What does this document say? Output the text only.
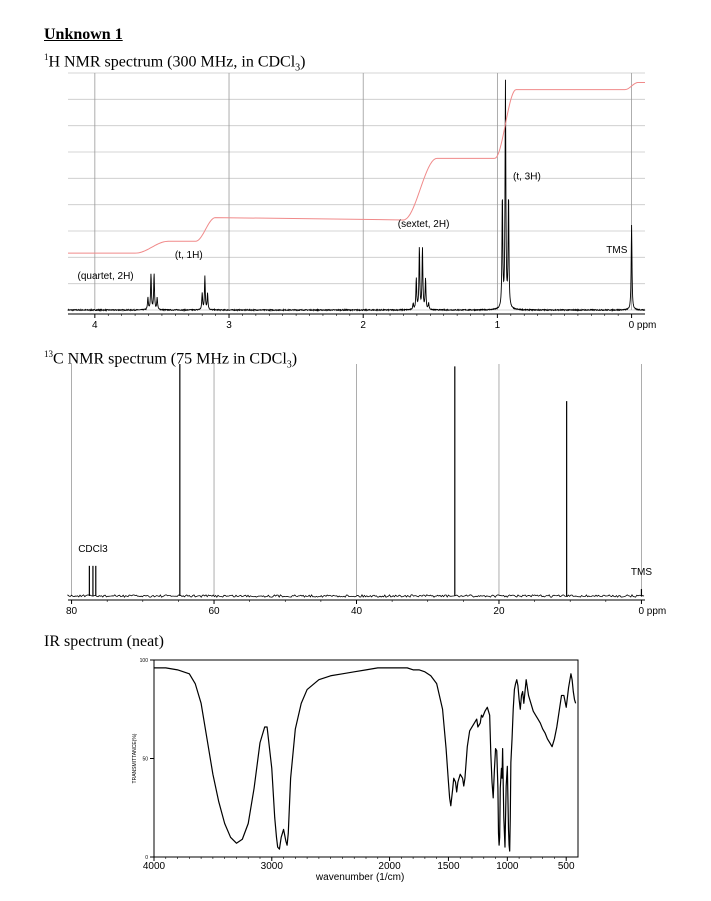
Unknown 1
$^1$H NMR spectrum (300 MHz, in CDCl$_3$)
$^{13}$C NMR spectrum (75 MHz in CDCl$_3$)
IR spectrum (neat)
4	3	2	1	0 ppm
(quartet, 2H)
(t, 1H)
(sextet, 2H)
(t, 3H)
TMS
80	60	40	20	0 ppm
CDCl3
TMS
4000	3000	2000	1500	1000	500
0
50
100
wavenumber (1/cm)
TRANSMITTANCE(%)
